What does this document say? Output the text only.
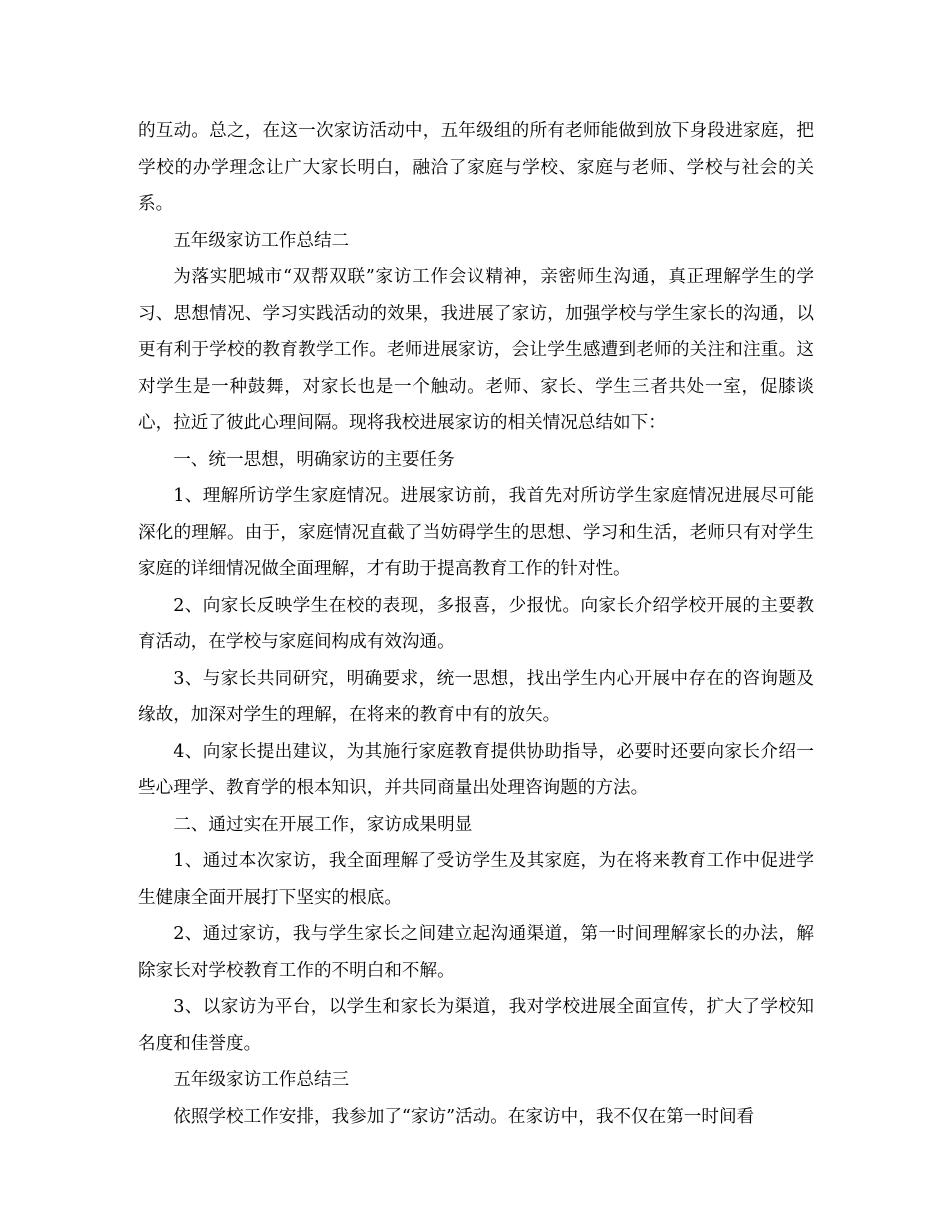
的互动。总之，在这一次家访活动中，五年级组的所有老师能做到放下身段进家庭，把学校的办学理念让广大家长明白，融洽了家庭与学校、家庭与老师、学校与社会的关系。

五年级家访工作总结二

为落实肥城市“双帮双联”家访工作会议精神，亲密师生沟通，真正理解学生的学习、思想情况、学习实践活动的效果，我进展了家访，加强学校与学生家长的沟通，以更有利于学校的教育教学工作。老师进展家访，会让学生感遭到老师的关注和注重。这对学生是一种鼓舞，对家长也是一个触动。老师、家长、学生三者共处一室，促膝谈心，拉近了彼此心理间隔。现将我校进展家访的相关情况总结如下：

一、统一思想，明确家访的主要任务

1、理解所访学生家庭情况。进展家访前，我首先对所访学生家庭情况进展尽可能深化的理解。由于，家庭情况直截了当妨碍学生的思想、学习和生活，老师只有对学生家庭的详细情况做全面理解，才有助于提高教育工作的针对性。

2、向家长反映学生在校的表现，多报喜，少报忧。向家长介绍学校开展的主要教育活动，在学校与家庭间构成有效沟通。

3、与家长共同研究，明确要求，统一思想，找出学生内心开展中存在的咨询题及缘故，加深对学生的理解，在将来的教育中有的放矢。

4、向家长提出建议，为其施行家庭教育提供协助指导，必要时还要向家长介绍一些心理学、教育学的根本知识，并共同商量出处理咨询题的方法。

二、通过实在开展工作，家访成果明显

1、通过本次家访，我全面理解了受访学生及其家庭，为在将来教育工作中促进学生健康全面开展打下坚实的根底。

2、通过家访，我与学生家长之间建立起沟通渠道，第一时间理解家长的办法，解除家长对学校教育工作的不明白和不解。

3、以家访为平台，以学生和家长为渠道，我对学校进展全面宣传，扩大了学校知名度和佳誉度。

五年级家访工作总结三

依照学校工作安排，我参加了“家访”活动。在家访中，我不仅在第一时间看
